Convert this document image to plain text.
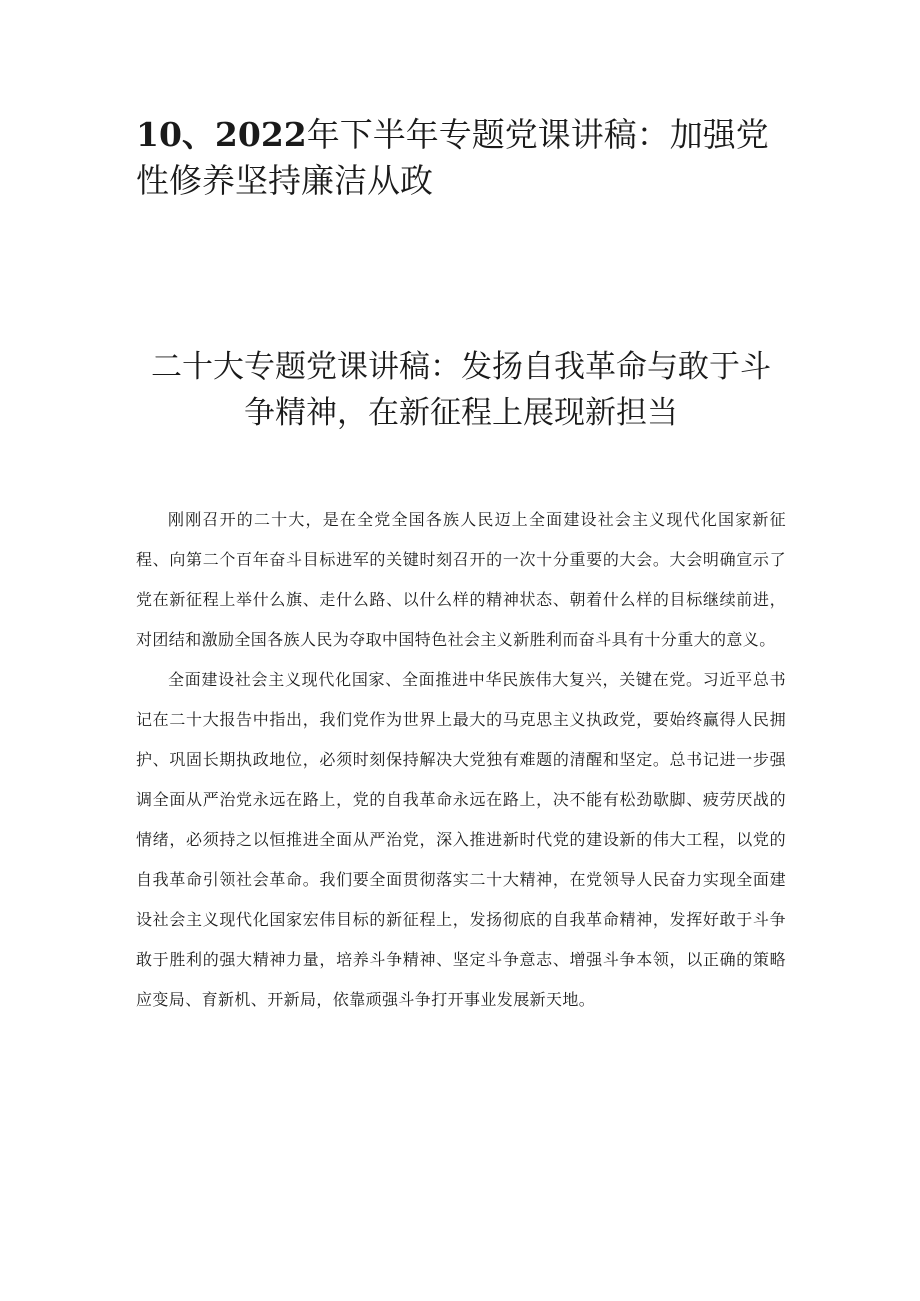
10、2022年下半年专题党课讲稿：加强党性修养坚持廉洁从政
二十大专题党课讲稿：发扬自我革命与敢于斗争精神，在新征程上展现新担当

刚刚召开的二十大，是在全党全国各族人民迈上全面建设社会主义现代化国家新征程、向第二个百年奋斗目标进军的关键时刻召开的一次十分重要的大会。大会明确宣示了党在新征程上举什么旗、走什么路、以什么样的精神状态、朝着什么样的目标继续前进，对团结和激励全国各族人民为夺取中国特色社会主义新胜利而奋斗具有十分重大的意义。

全面建设社会主义现代化国家、全面推进中华民族伟大复兴，关键在党。习近平总书记在二十大报告中指出，我们党作为世界上最大的马克思主义执政党，要始终赢得人民拥护、巩固长期执政地位，必须时刻保持解决大党独有难题的清醒和坚定。总书记进一步强调全面从严治党永远在路上，党的自我革命永远在路上，决不能有松劲歇脚、疲劳厌战的情绪，必须持之以恒推进全面从严治党，深入推进新时代党的建设新的伟大工程，以党的自我革命引领社会革命。我们要全面贯彻落实二十大精神，在党领导人民奋力实现全面建设社会主义现代化国家宏伟目标的新征程上，发扬彻底的自我革命精神，发挥好敢于斗争敢于胜利的强大精神力量，培养斗争精神、坚定斗争意志、增强斗争本领，以正确的策略应变局、育新机、开新局，依靠顽强斗争打开事业发展新天地。
